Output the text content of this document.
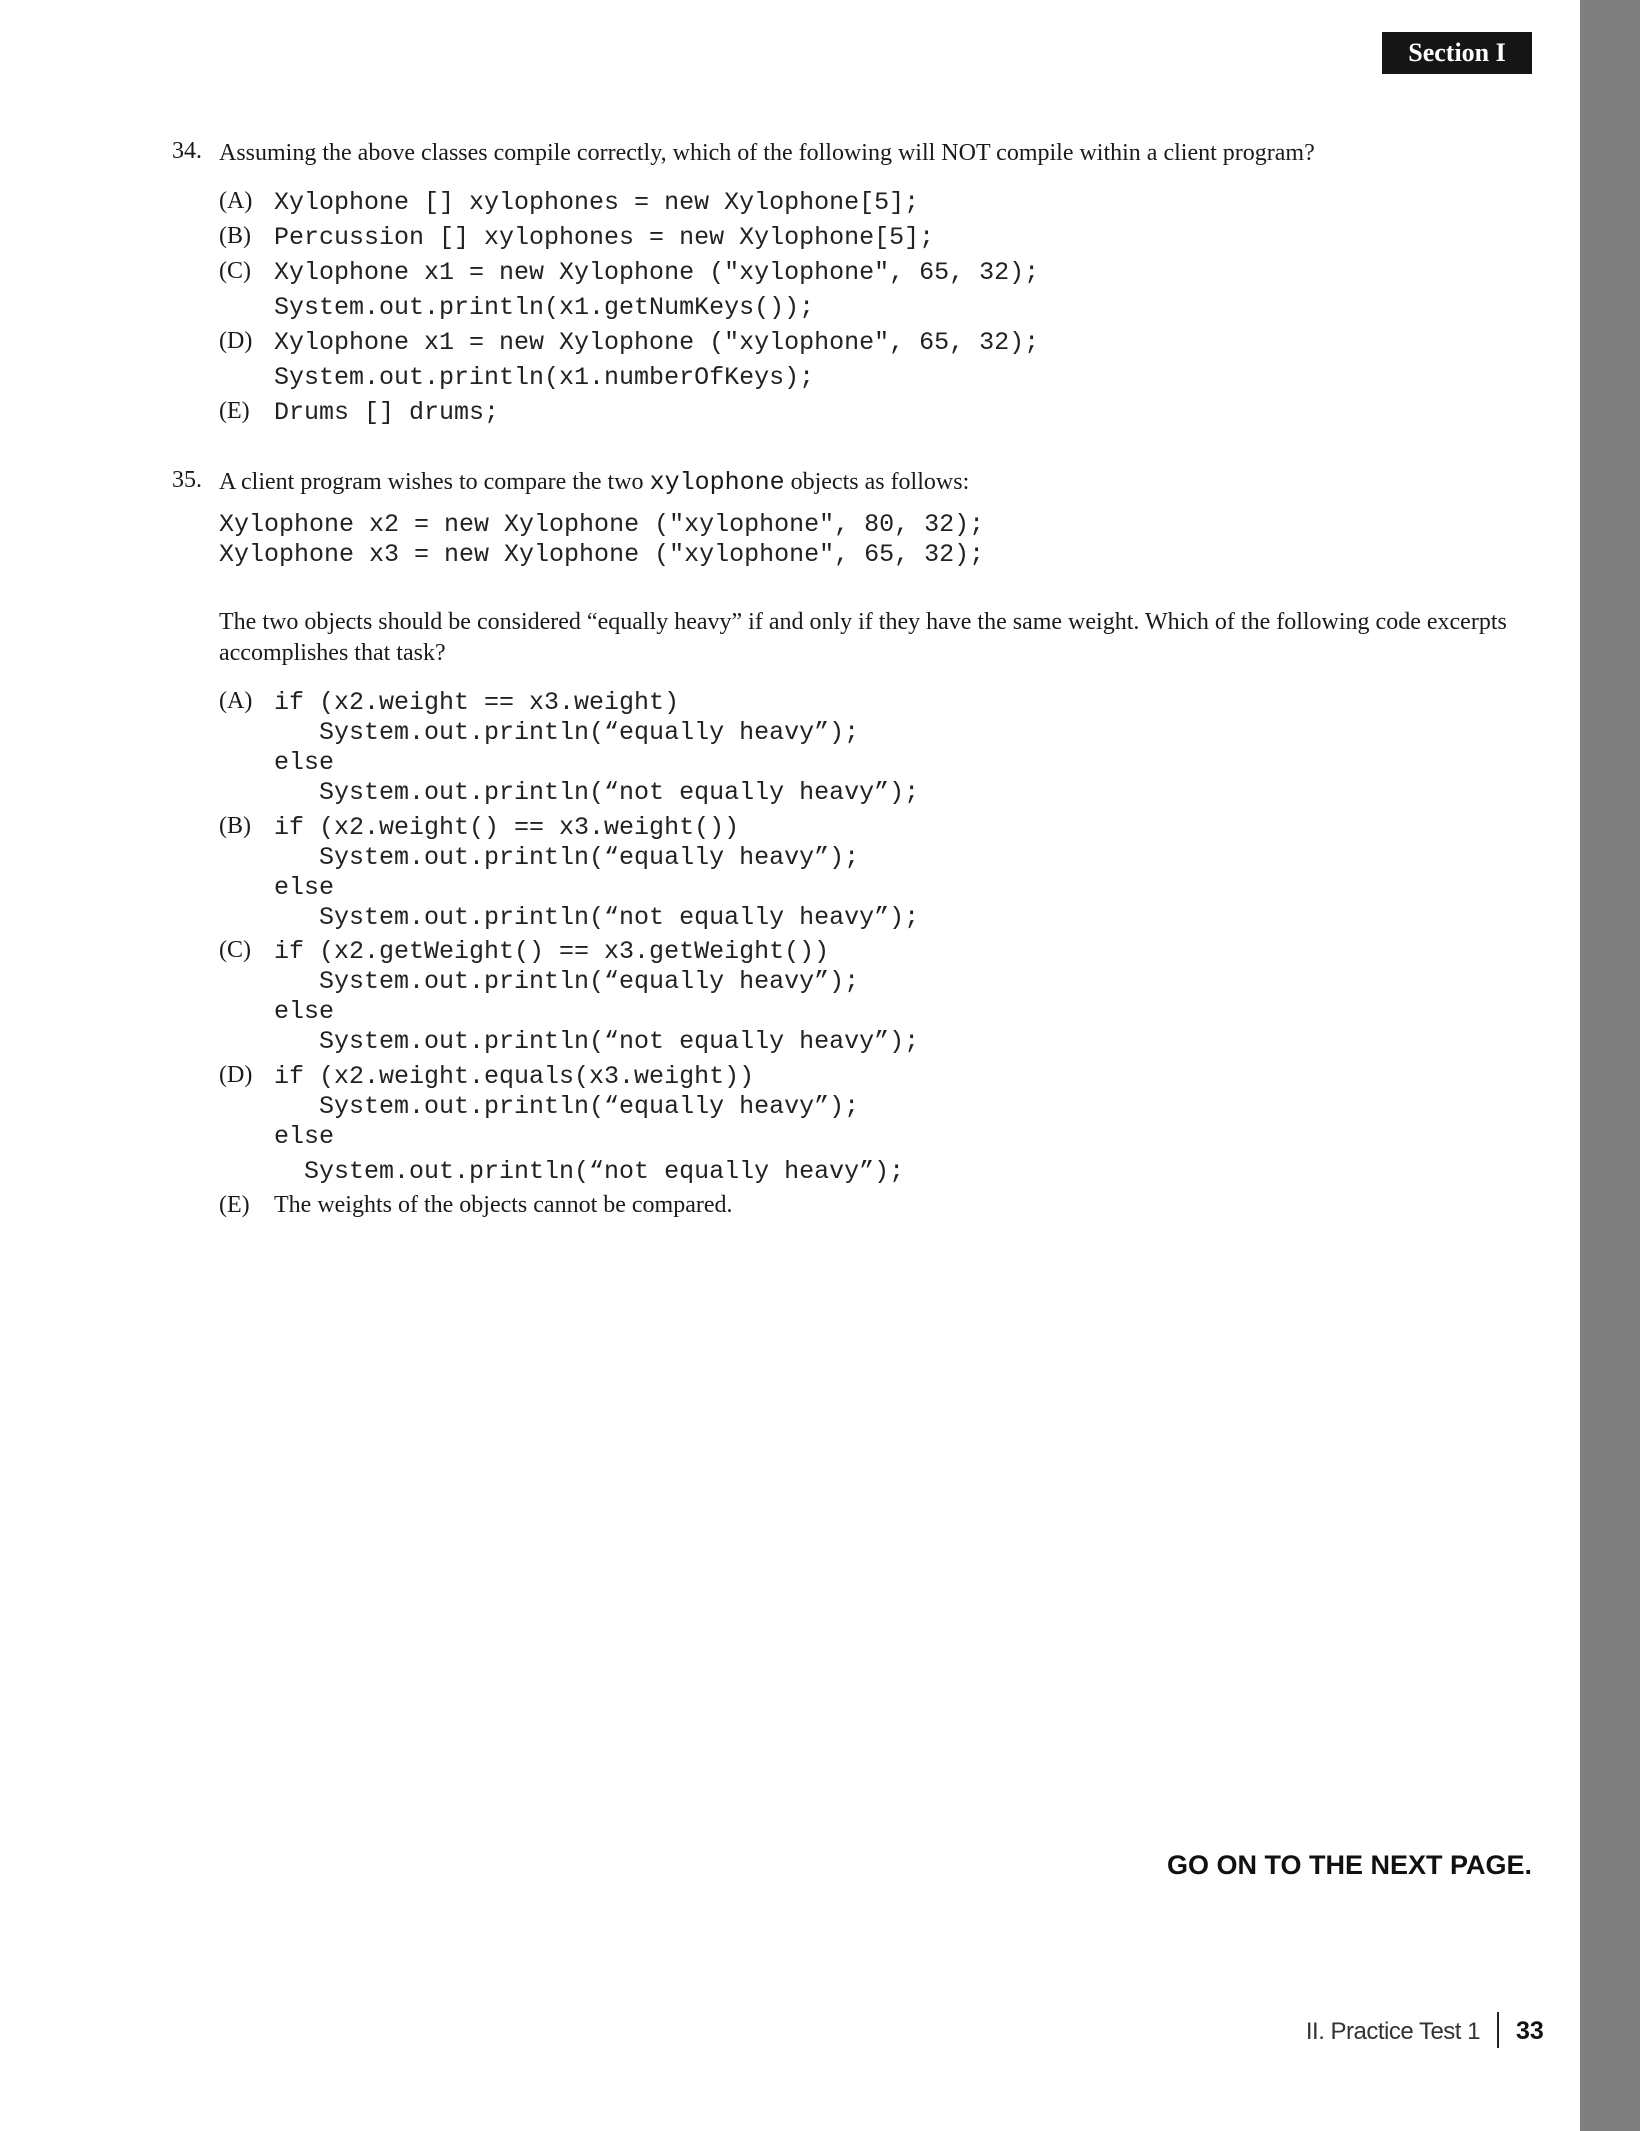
Section I
34. Assuming the above classes compile correctly, which of the following will NOT compile within a client program?
(A) Xylophone [] xylophones = new Xylophone[5];
(B) Percussion [] xylophones = new Xylophone[5];
(C) Xylophone x1 = new Xylophone ("xylophone", 65, 32);
System.out.println(x1.getNumKeys());
(D) Xylophone x1 = new Xylophone ("xylophone", 65, 32);
System.out.println(x1.numberOfKeys);
(E) Drums [] drums;
35. A client program wishes to compare the two xylophone objects as follows:
Xylophone x2 = new Xylophone ("xylophone", 80, 32);
Xylophone x3 = new Xylophone ("xylophone", 65, 32);
The two objects should be considered “equally heavy” if and only if they have the same weight. Which of the following code excerpts accomplishes that task?
(A) if (x2.weight == x3.weight)
System.out.println(“equally heavy”);
else
System.out.println(“not equally heavy”);
(B) if (x2.weight() == x3.weight())
System.out.println(“equally heavy”);
else
System.out.println(“not equally heavy”);
(C) if (x2.getWeight() == x3.getWeight())
System.out.println(“equally heavy”);
else
System.out.println(“not equally heavy”);
(D) if (x2.weight.equals(x3.weight))
System.out.println(“equally heavy”);
else
System.out.println(“not equally heavy”);
(E) The weights of the objects cannot be compared.
GO ON TO THE NEXT PAGE.
II. Practice Test 1 33
